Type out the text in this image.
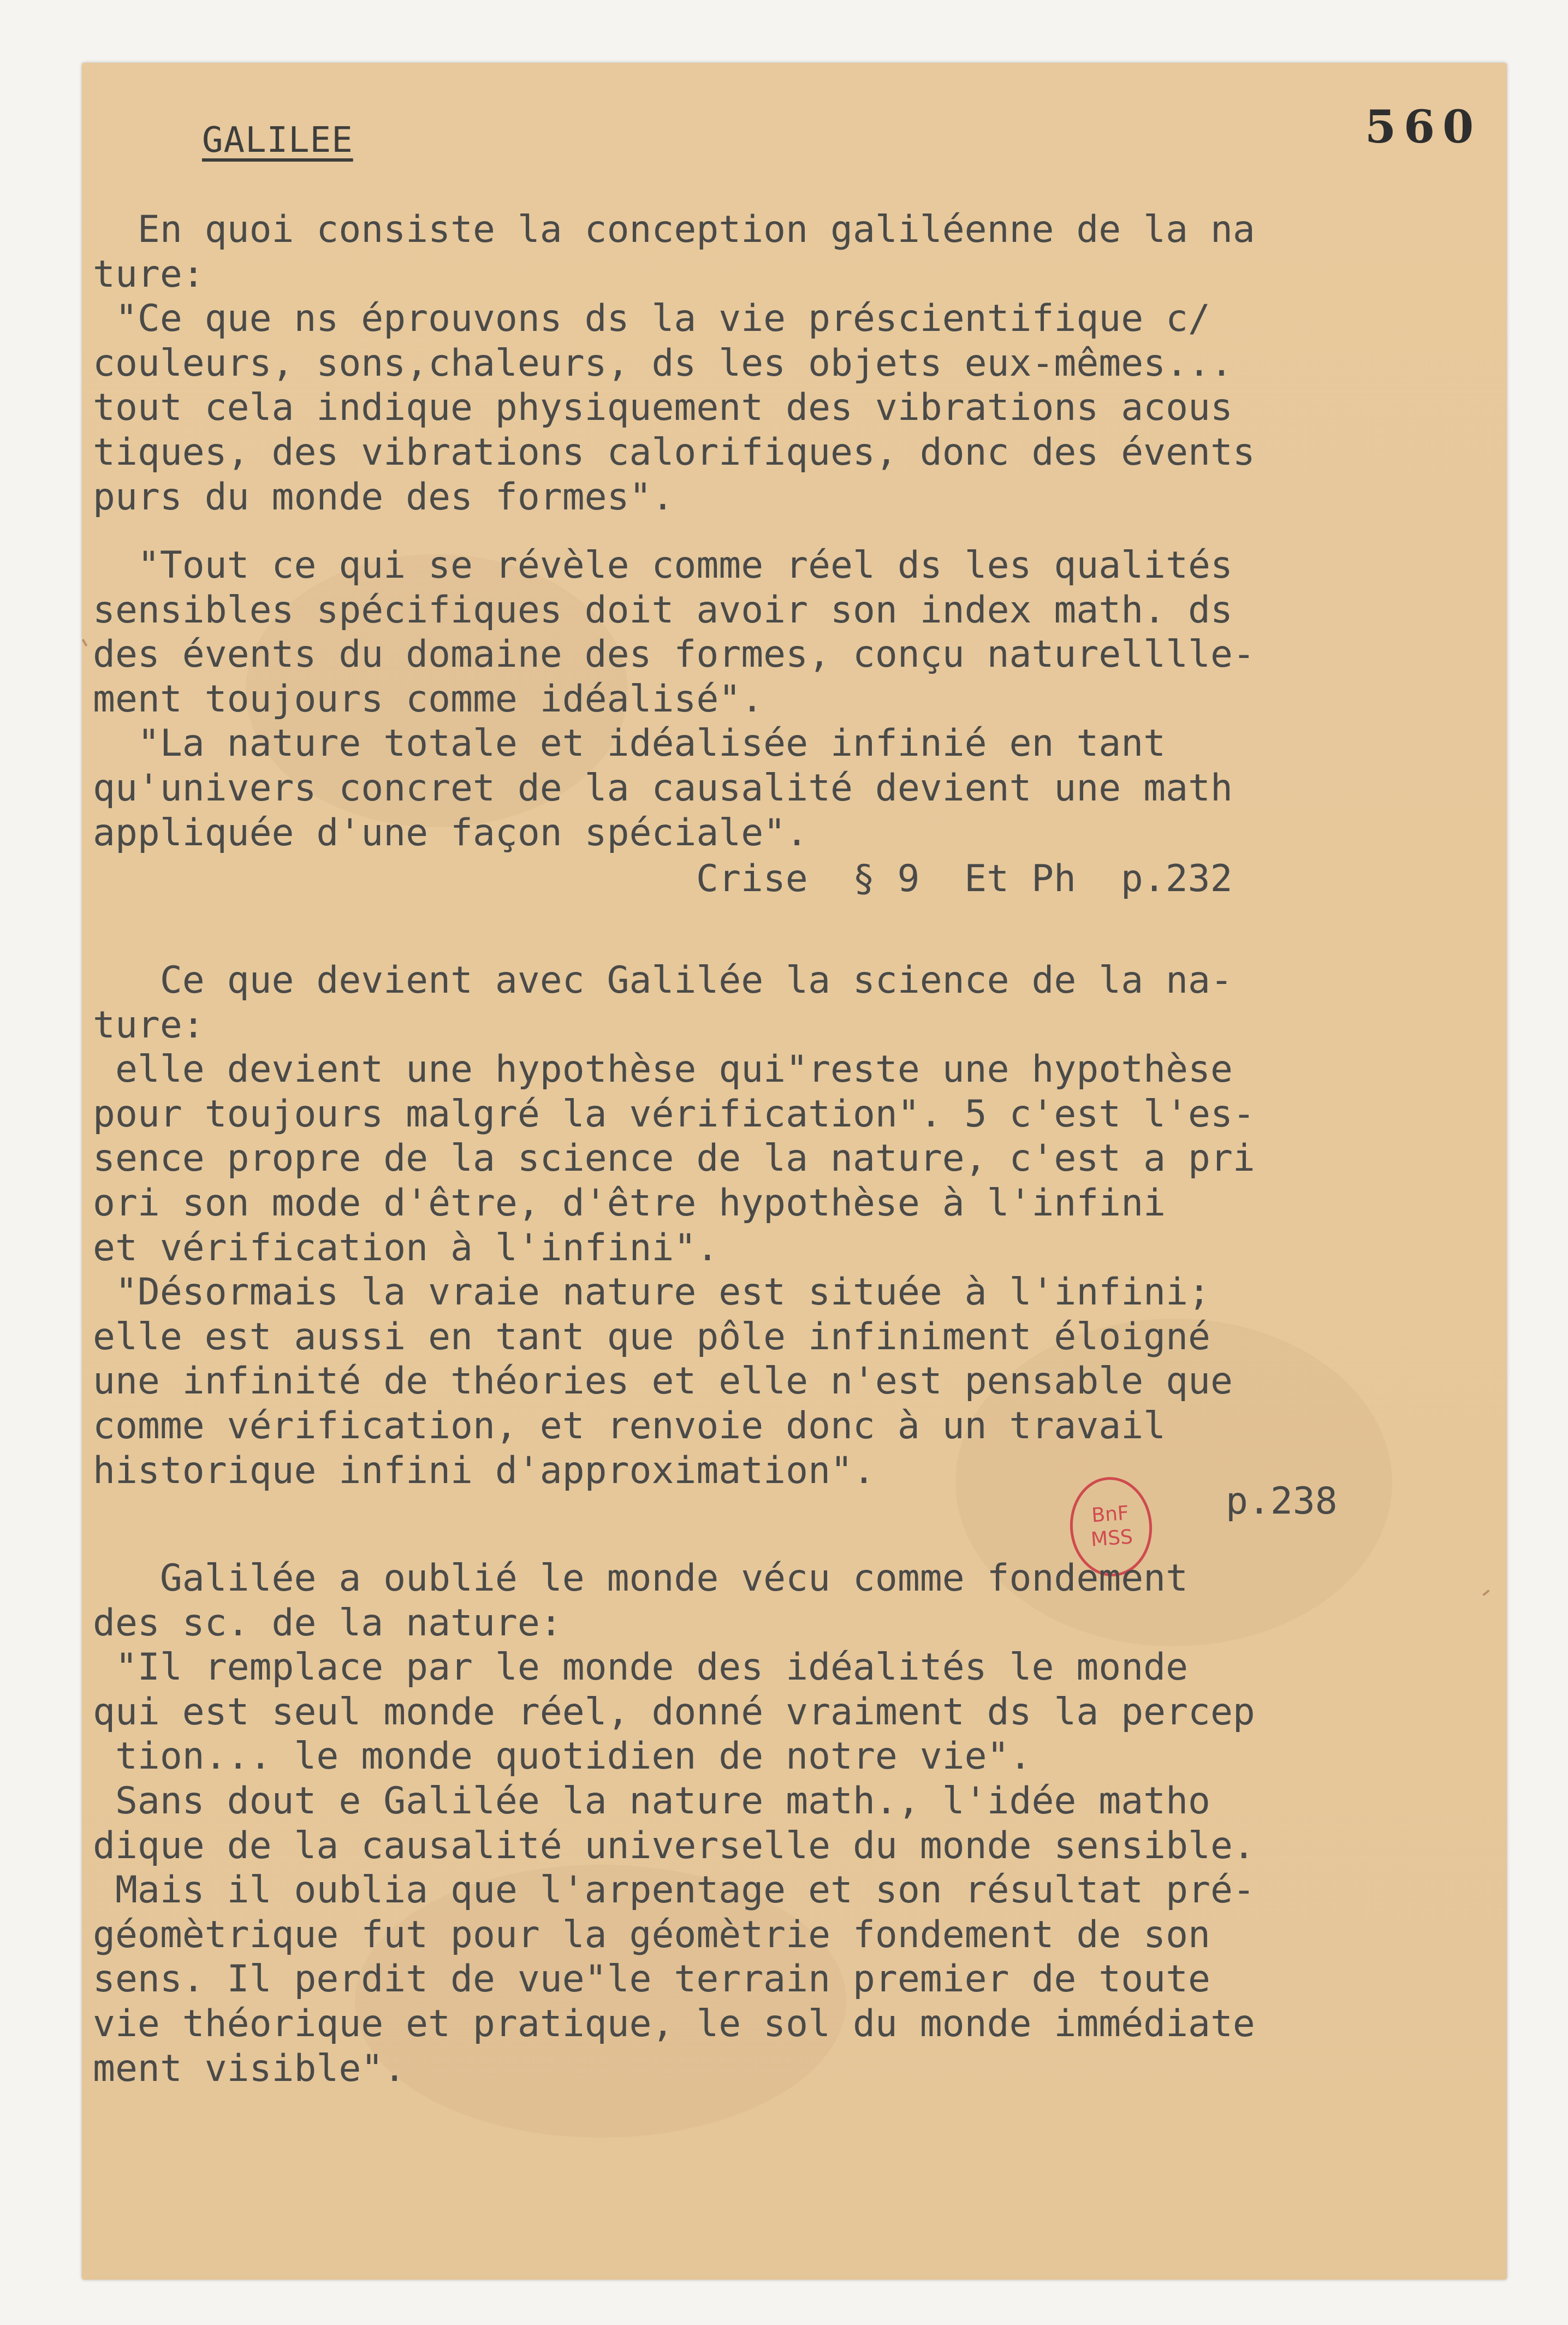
GALILEE	560

En quoi consiste la conception galiléenne de la na
ture:
"Ce que ns éprouvons ds la vie préscientifique c/
couleurs, sons,chaleurs, ds les objets eux-mêmes...
tout cela indique physiquement des vibrations acous
tiques, des vibrations calorifiques, donc des évents
purs du monde des formes".

"Tout ce qui se révèle comme réel ds les qualités
sensibles spécifiques doit avoir son index math. ds
des évents du domaine des formes, conçu naturelllle-
ment toujours comme idéalisé".
"La nature totale et idéalisée infinié en tant
qu'univers concret de la causalité devient une math
appliquée d'une façon spéciale".

Crise  § 9  Et Ph  p.232

Ce que devient avec Galilée la science de la na-
ture:
elle devient une hypothèse qui"reste une hypothèse
pour toujours malgré la vérification". 5 c'est l'es-
sence propre de la science de la nature, c'est a pri
ori son mode d'être, d'être hypothèse à l'infini
et vérification à l'infini".
"Désormais la vraie nature est située à l'infini;
elle est aussi en tant que pôle infiniment éloigné
une infinité de théories et elle n'est pensable que
comme vérification, et renvoie donc à un travail
historique infini d'approximation".

p.238

BnF
MSS

Galilée a oublié le monde vécu comme fondement
des sc. de la nature:
"Il remplace par le monde des idéalités le monde
qui est seul monde réel, donné vraiment ds la percep
tion... le monde quotidien de notre vie".
Sans dout e Galilée la nature math., l'idée matho
dique de la causalité universelle du monde sensible.
Mais il oublia que l'arpentage et son résultat pré-
géomètrique fut pour la géomètrie fondement de son
sens. Il perdit de vue"le terrain premier de toute
vie théorique et pratique, le sol du monde immédiate
ment visible".
